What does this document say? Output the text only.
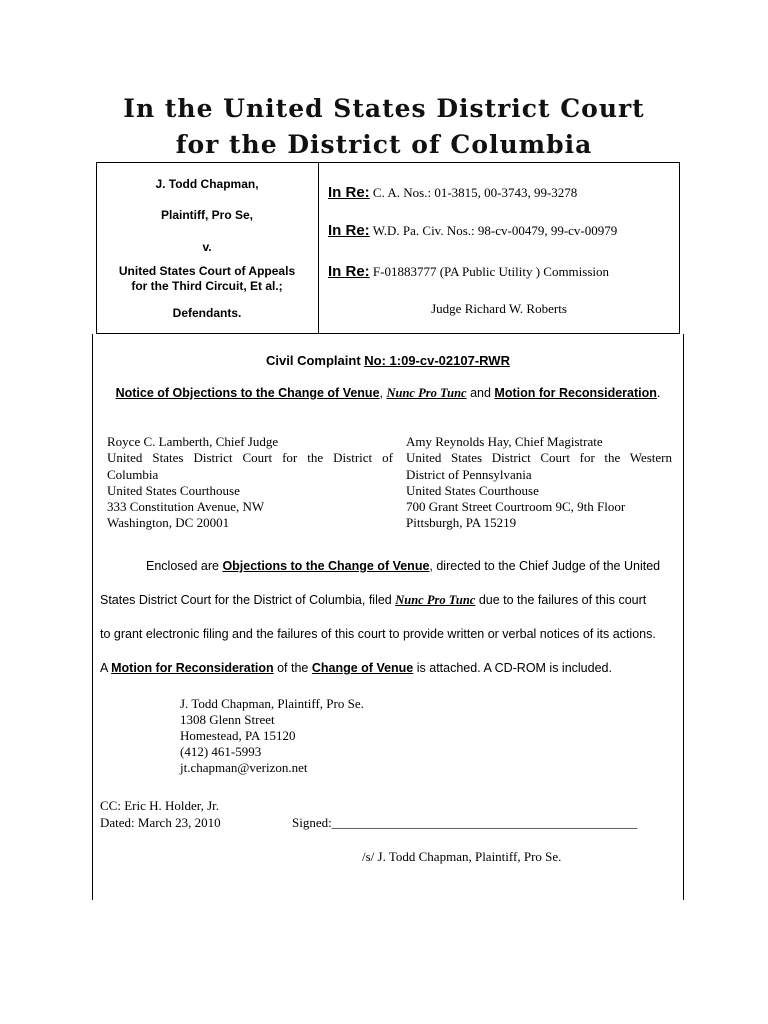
In the United States District Court
for the District of Columbia
J. Todd Chapman,
Plaintiff, Pro Se,
v.
United States Court of Appeals
for the Third Circuit, Et al.;
Defendants.
In Re: C. A. Nos.: 01-3815, 00-3743, 99-3278
In Re: W.D. Pa. Civ. Nos.: 98-cv-00479, 99-cv-00979
In Re: F-01883777 (PA Public Utility ) Commission
Judge Richard W. Roberts
Civil Complaint No: 1:09-cv-02107-RWR
Notice of Objections to the Change of Venue, Nunc Pro Tunc and Motion for Reconsideration.
Royce C. Lamberth, Chief Judge
United States District Court for the District of
Columbia
United States Courthouse
333 Constitution Avenue, NW
Washington, DC 20001
Amy Reynolds Hay, Chief Magistrate
United States District Court for the Western
District of Pennsylvania
United States Courthouse
700 Grant Street Courtroom 9C, 9th Floor
Pittsburgh, PA 15219
Enclosed are Objections to the Change of Venue, directed to the Chief Judge of the United
States District Court for the District of Columbia, filed Nunc Pro Tunc due to the failures of this court
to grant electronic filing and the failures of this court to provide written or verbal notices of its actions.
A Motion for Reconsideration of the Change of Venue is attached. A CD-ROM is included.
J. Todd Chapman, Plaintiff, Pro Se.
1308 Glenn Street
Homestead, PA 15120
(412) 461-5993
jt.chapman@verizon.net
CC: Eric H. Holder, Jr.
Dated: March 23, 2010	Signed:_______________________________________________
/s/ J. Todd Chapman, Plaintiff, Pro Se.
